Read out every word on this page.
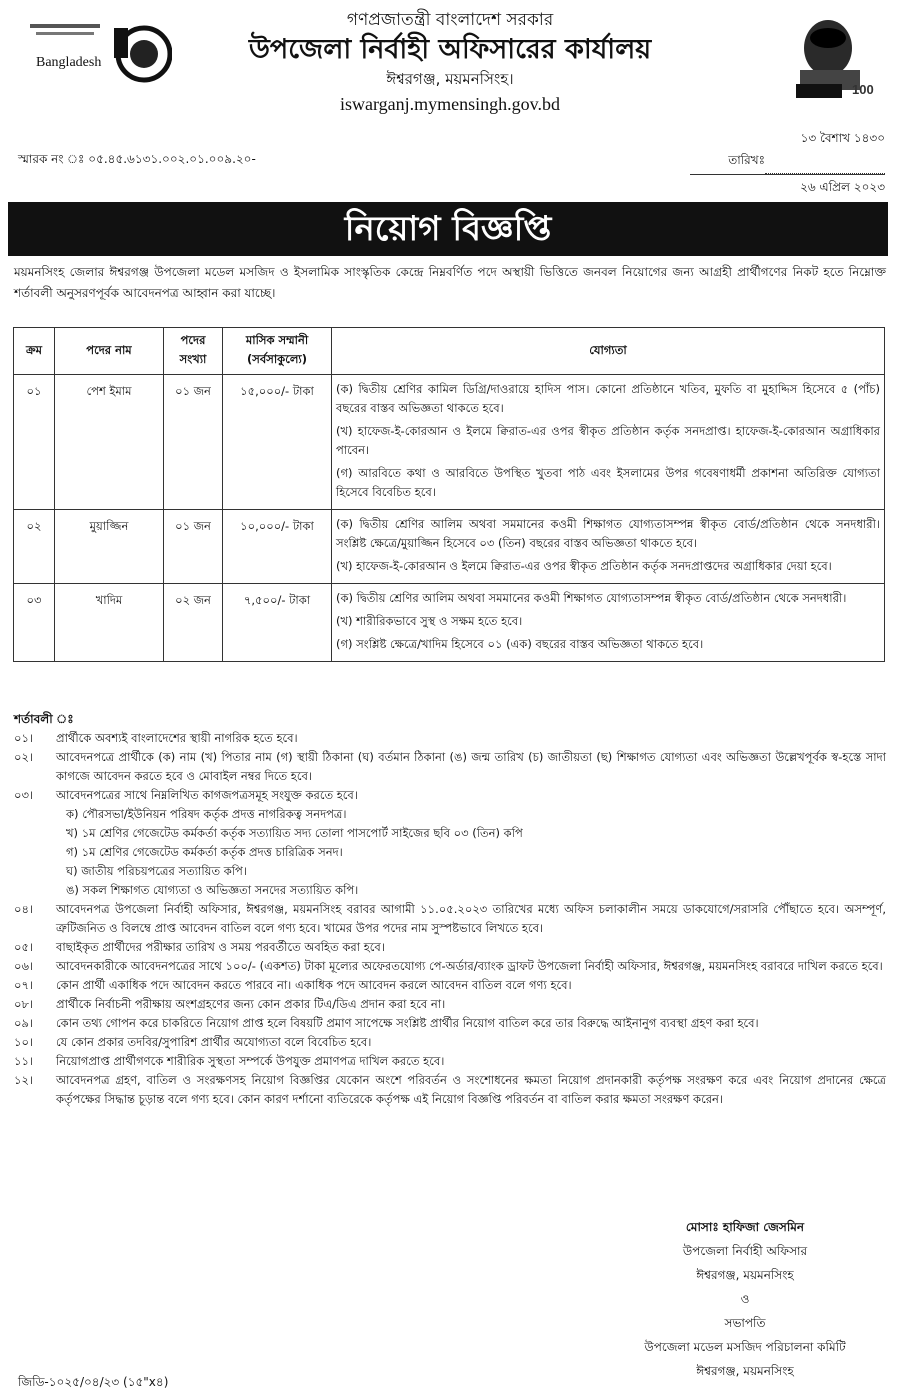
Bangladesh
গণপ্রজাতন্ত্রী বাংলাদেশ সরকার
উপজেলা নির্বাহী অফিসারের কার্যালয়
ঈশ্বরগঞ্জ, ময়মনসিংহ।
iswarganj.mymensingh.gov.bd
100
স্মারক নং ঃ ০৫.৪৫.৬১৩১.০০২.০১.০০৯.২০-
১৩ বৈশাখ ১৪৩০
তারিখঃ
২৬ এপ্রিল ২০২৩
নিয়োগ বিজ্ঞপ্তি
ময়মনসিংহ জেলার ঈশ্বরগঞ্জ উপজেলা মডেল মসজিদ ও ইসলামিক সাংস্কৃতিক কেন্দ্রে নিম্নবর্ণিত পদে অস্থায়ী ভিত্তিতে জনবল নিয়োগের জন্য আগ্রহী প্রার্থীগণের নিকট হতে নিম্নোক্ত শর্তাবলী অনুসরণপূর্বক আবেদনপত্র আহ্বান করা যাচ্ছে।
ক্রম	পদের নাম	পদের সংখ্যা	মাসিক সম্মানী (সর্বসাকুল্যে)	যোগ্যতা
০১	পেশ ইমাম	০১ জন	১৫,০০০/- টাকা	(ক) দ্বিতীয় শ্রেণির কামিল ডিগ্রি/দাওরায়ে হাদিস পাস। কোনো প্রতিষ্ঠানে খতিব, মুফতি বা মুহাদ্দিস হিসেবে ৫ (পাঁচ) বছরের বাস্তব অভিজ্ঞতা থাকতে হবে।
(খ) হাফেজ-ই-কোরআন ও ইলমে ক্বিরাত-এর ওপর স্বীকৃত প্রতিষ্ঠান কর্তৃক সনদপ্রাপ্ত। হাফেজ-ই-কোরআন অগ্রাধিকার পাবেন।
(গ) আরবিতে কথা ও আরবিতে উপস্থিত খুতবা পাঠ এবং ইসলামের উপর গবেষণাধর্মী প্রকাশনা অতিরিক্ত যোগ্যতা হিসেবে বিবেচিত হবে।

০২	মুয়াজ্জিন	০১ জন	১০,০০০/- টাকা	(ক) দ্বিতীয় শ্রেণির আলিম অথবা সমমানের কওমী শিক্ষাগত যোগ্যতাসম্পন্ন স্বীকৃত বোর্ড/প্রতিষ্ঠান থেকে সনদধারী। সংশ্লিষ্ট ক্ষেত্রে/মুয়াজ্জিন হিসেবে ০৩ (তিন) বছরের বাস্তব অভিজ্ঞতা থাকতে হবে।
(খ) হাফেজ-ই-কোরআন ও ইলমে ক্বিরাত-এর ওপর স্বীকৃত প্রতিষ্ঠান কর্তৃক সনদপ্রাপ্তদের অগ্রাধিকার দেয়া হবে।

০৩	খাদিম	০২ জন	৭,৫০০/- টাকা	(ক) দ্বিতীয় শ্রেণির আলিম অথবা সমমানের কওমী শিক্ষাগত যোগ্যতাসম্পন্ন স্বীকৃত বোর্ড/প্রতিষ্ঠান থেকে সনদধারী।
(খ) শারীরিকভাবে সুস্থ ও সক্ষম হতে হবে।
(গ) সংশ্লিষ্ট ক্ষেত্রে/খাদিম হিসেবে ০১ (এক) বছরের বাস্তব অভিজ্ঞতা থাকতে হবে।
শর্তাবলী ঃ
০১।	প্রার্থীকে অবশ্যই বাংলাদেশের স্থায়ী নাগরিক হতে হবে।
০২।	আবেদনপত্রে প্রার্থীকে (ক) নাম (খ) পিতার নাম (গ) স্থায়ী ঠিকানা (ঘ) বর্তমান ঠিকানা (ঙ) জন্ম তারিখ (চ) জাতীয়তা (ছ) শিক্ষাগত যোগ্যতা এবং অভিজ্ঞতা উল্লেখপূর্বক স্ব-হস্তে সাদা কাগজে আবেদন করতে হবে ও মোবাইল নম্বর দিতে হবে।
০৩।	আবেদনপত্রের সাথে নিম্নলিখিত কাগজপত্রসমূহ সংযুক্ত করতে হবে।
ক) পৌরসভা/ইউনিয়ন পরিষদ কর্তৃক প্রদত্ত নাগরিকত্ব সনদপত্র।
খ) ১ম শ্রেণির গেজেটেড কর্মকর্তা কর্তৃক সত্যায়িত সদ্য তোলা পাসপোর্ট সাইজের ছবি ০৩ (তিন) কপি
গ) ১ম শ্রেণির গেজেটেড কর্মকর্তা কর্তৃক প্রদত্ত চারিত্রিক সনদ।
ঘ) জাতীয় পরিচয়পত্রের সত্যায়িত কপি।
ঙ) সকল শিক্ষাগত যোগ্যতা ও অভিজ্ঞতা সনদের সত্যায়িত কপি।
০৪।	আবেদনপত্র উপজেলা নির্বাহী অফিসার, ঈশ্বরগঞ্জ, ময়মনসিংহ বরাবর আগামী ১১.০৫.২০২৩ তারিখের মধ্যে অফিস চলাকালীন সময়ে ডাকযোগে/সরাসরি পৌঁছাতে হবে। অসম্পূর্ণ, ত্রুটিজনিত ও বিলম্বে প্রাপ্ত আবেদন বাতিল বলে গণ্য হবে। খামের উপর পদের নাম সুস্পষ্টভাবে লিখতে হবে।
০৫।	বাছাইকৃত প্রার্থীদের পরীক্ষার তারিখ ও সময় পরবর্তীতে অবহিত করা হবে।
০৬।	আবেদনকারীকে আবেদনপত্রের সাথে ১০০/- (একশত) টাকা মূল্যের অফেরতযোগ্য পে-অর্ডার/ব্যাংক ড্রাফট উপজেলা নির্বাহী অফিসার, ঈশ্বরগঞ্জ, ময়মনসিংহ বরাবরে দাখিল করতে হবে।
০৭।	কোন প্রার্থী একাধিক পদে আবেদন করতে পারবে না। একাধিক পদে আবেদন করলে আবেদন বাতিল বলে গণ্য হবে।
০৮।	প্রার্থীকে নির্বাচনী পরীক্ষায় অংশগ্রহণের জন্য কোন প্রকার টিএ/ডিএ প্রদান করা হবে না।
০৯।	কোন তথ্য গোপন করে চাকরিতে নিয়োগ প্রাপ্ত হলে বিষয়টি প্রমাণ সাপেক্ষে সংশ্লিষ্ট প্রার্থীর নিয়োগ বাতিল করে তার বিরুদ্ধে আইনানুগ ব্যবস্থা গ্রহণ করা হবে।
১০।	যে কোন প্রকার তদবির/সুপারিশ প্রার্থীর অযোগ্যতা বলে বিবেচিত হবে।
১১।	নিয়োগপ্রাপ্ত প্রার্থীগণকে শারীরিক সুস্থতা সম্পর্কে উপযুক্ত প্রমাণপত্র দাখিল করতে হবে।
১২।	আবেদনপত্র গ্রহণ, বাতিল ও সংরক্ষণসহ নিয়োগ বিজ্ঞপ্তির যেকোন অংশে পরিবর্তন ও সংশোধনের ক্ষমতা নিয়োগ প্রদানকারী কর্তৃপক্ষ সংরক্ষণ করে এবং নিয়োগ প্রদানের ক্ষেত্রে কর্তৃপক্ষের সিদ্ধান্ত চূড়ান্ত বলে গণ্য হবে। কোন কারণ দর্শানো ব্যতিরেকে কর্তৃপক্ষ এই নিয়োগ বিজ্ঞপ্তি পরিবর্তন বা বাতিল করার ক্ষমতা সংরক্ষণ করেন।
মোসাঃ হাফিজা জেসমিন
উপজেলা নির্বাহী অফিসার
ঈশ্বরগঞ্জ, ময়মনসিংহ
ও
সভাপতি
উপজেলা মডেল মসজিদ পরিচালনা কমিটি
ঈশ্বরগঞ্জ, ময়মনসিংহ
জিডি-১০২৫/০৪/২৩ (১৫"x৪)
